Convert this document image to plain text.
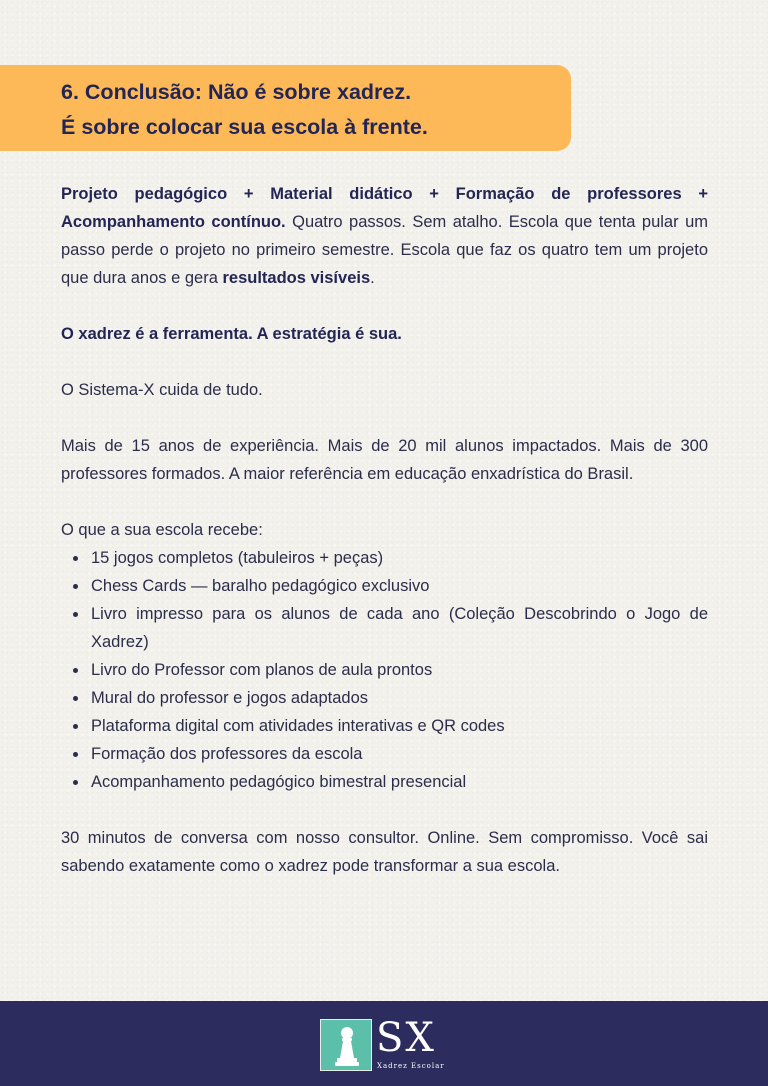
6. Conclusão: Não é sobre xadrez.
É sobre colocar sua escola à frente.

Projeto pedagógico + Material didático + Formação de professores + Acompanhamento contínuo. Quatro passos. Sem atalho. Escola que tenta pular um passo perde o projeto no primeiro semestre. Escola que faz os quatro tem um projeto que dura anos e gera resultados visíveis.

O xadrez é a ferramenta. A estratégia é sua.

O Sistema-X cuida de tudo.

Mais de 15 anos de experiência. Mais de 20 mil alunos impactados. Mais de 300 professores formados. A maior referência em educação enxadrística do Brasil.

O que a sua escola recebe:

15 jogos completos (tabuleiros + peças)
Chess Cards — baralho pedagógico exclusivo
Livro impresso para os alunos de cada ano (Coleção Descobrindo o Jogo de Xadrez)
Livro do Professor com planos de aula prontos
Mural do professor e jogos adaptados
Plataforma digital com atividades interativas e QR codes
Formação dos professores da escola
Acompanhamento pedagógico bimestral presencial

30 minutos de conversa com nosso consultor. Online. Sem compromisso. Você sai sabendo exatamente como o xadrez pode transformar a sua escola.

SX
Xadrez Escolar
